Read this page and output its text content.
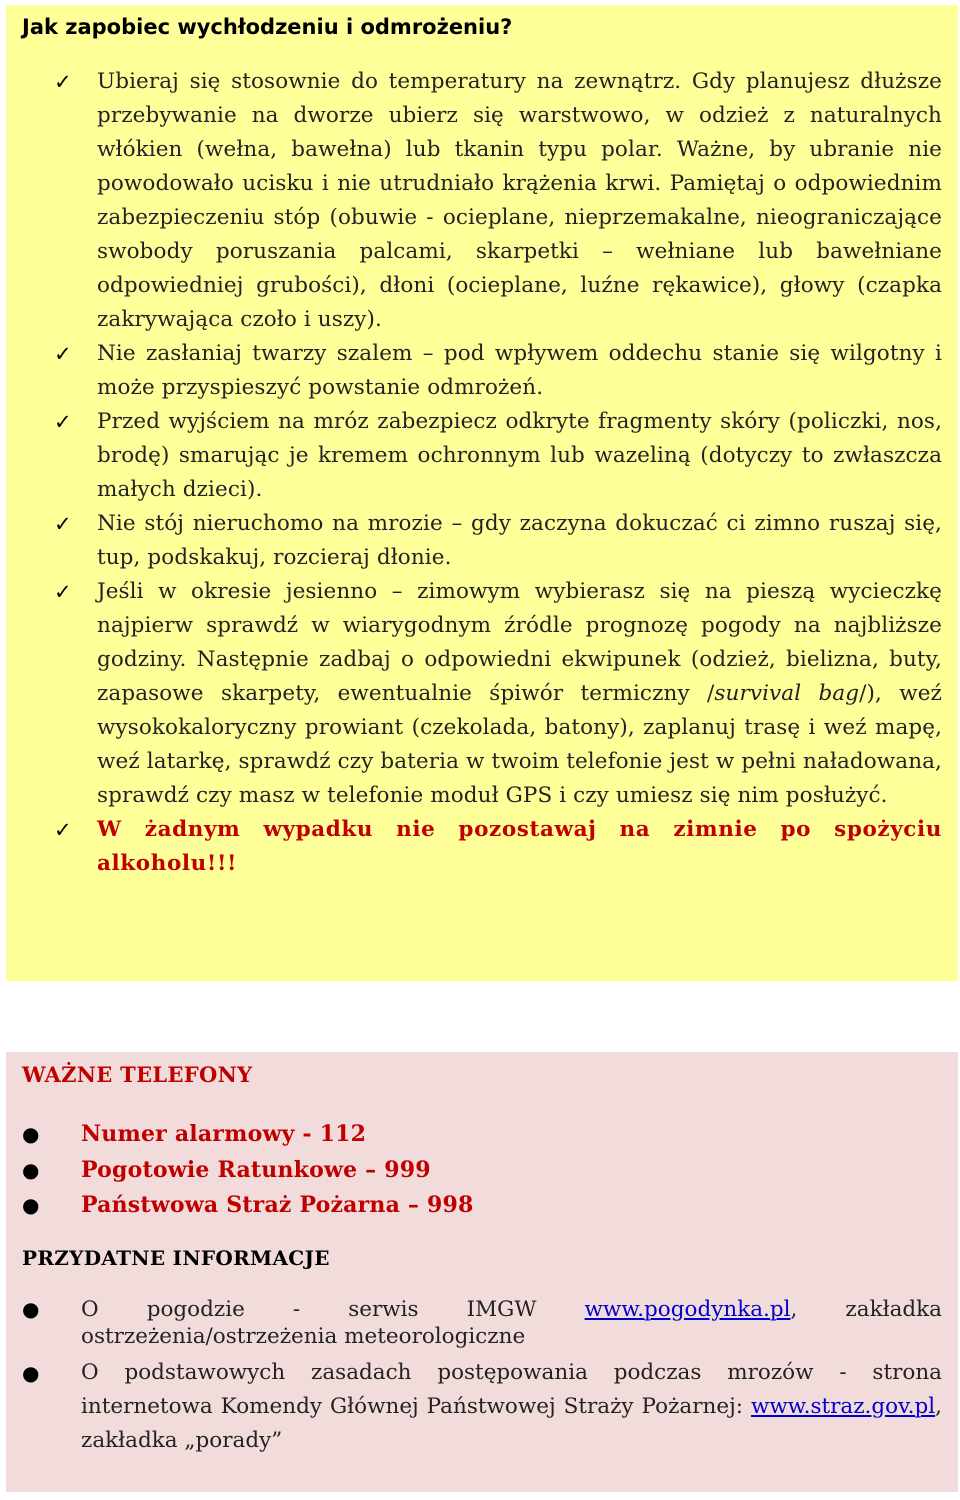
Jak zapobiec wychłodzeniu i odmrożeniu?
✓ Ubieraj się stosownie do temperatury na zewnątrz. Gdy planujesz dłuższe przebywanie na dworze ubierz się warstwowo, w odzież z naturalnych włókien (wełna, bawełna) lub tkanin typu polar. Ważne, by ubranie nie powodowało ucisku i nie utrudniało krążenia krwi. Pamiętaj o odpowiednim zabezpieczeniu stóp (obuwie - ocieplane, nieprzemakalne, nieograniczające swobody poruszania palcami, skarpetki – wełniane lub bawełniane odpowiedniej grubości), dłoni (ocieplane, luźne rękawice), głowy (czapka zakrywająca czoło i uszy).
✓ Nie zasłaniaj twarzy szalem – pod wpływem oddechu stanie się wilgotny i może przyspieszyć powstanie odmrożeń.
✓ Przed wyjściem na mróz zabezpiecz odkryte fragmenty skóry (policzki, nos, brodę) smarując je kremem ochronnym lub wazeliną (dotyczy to zwłaszcza małych dzieci).
✓ Nie stój nieruchomo na mrozie – gdy zaczyna dokuczać ci zimno ruszaj się, tup, podskakuj, rozcieraj dłonie.
✓ Jeśli w okresie jesienno – zimowym wybierasz się na pieszą wycieczkę najpierw sprawdź w wiarygodnym źródle prognozę pogody na najbliższe godziny. Następnie zadbaj o odpowiedni ekwipunek (odzież, bielizna, buty, zapasowe skarpety, ewentualnie śpiwór termiczny /survival bag/), weź wysokokaloryczny prowiant (czekolada, batony), zaplanuj trasę i weź mapę, weź latarkę, sprawdź czy bateria w twoim telefonie jest w pełni naładowana, sprawdź czy masz w telefonie moduł GPS i czy umiesz się nim posłużyć.
✓ W żadnym wypadku nie pozostawaj na zimnie po spożyciu alkoholu!!!
WAŻNE TELEFONY
● Numer alarmowy - 112
● Pogotowie Ratunkowe – 999
● Państwowa Straż Pożarna – 998
PRZYDATNE INFORMACJE
● O pogodzie - serwis IMGW www.pogodynka.pl, zakładka ostrzeżenia/ostrzeżenia meteorologiczne
● O podstawowych zasadach postępowania podczas mrozów - strona internetowa Komendy Głównej Państwowej Straży Pożarnej: www.straz.gov.pl, zakładka „porady”
